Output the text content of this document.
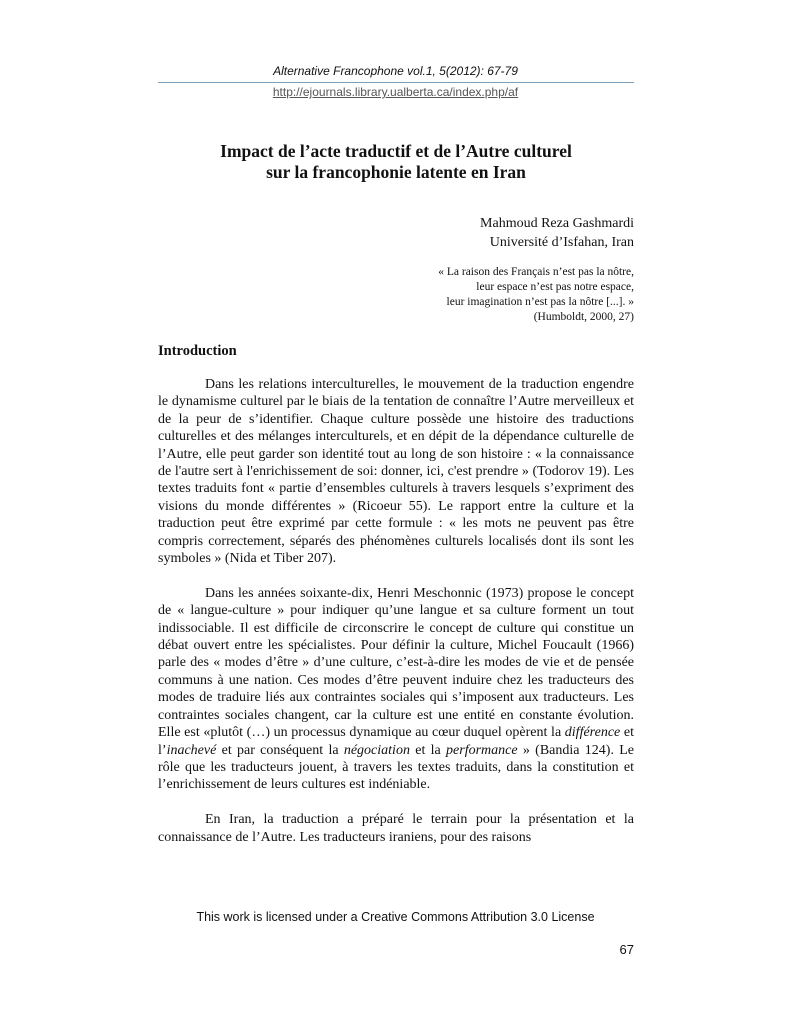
Alternative Francophone vol.1, 5(2012): 67-79
http://ejournals.library.ualberta.ca/index.php/af
Impact de l’acte traductif et de l’Autre culturel
sur la francophonie latente en Iran
Mahmoud Reza Gashmardi
Université d’Isfahan, Iran
« La raison des Français n’est pas la nôtre,
leur espace n’est pas notre espace,
leur imagination n’est pas la nôtre [...]. »
(Humboldt, 2000, 27)
Introduction

Dans les relations interculturelles, le mouvement de la traduction engendre le dynamisme culturel par le biais de la tentation de connaître l’Autre merveilleux et de la peur de s’identifier. Chaque culture possède une histoire des traductions culturelles et des mélanges interculturels, et en dépit de la dépendance culturelle de l’Autre, elle peut garder son identité tout au long de son histoire : « la connaissance de l'autre sert à l'enrichissement de soi: donner, ici, c'est prendre » (Todorov 19). Les textes traduits font « partie d’ensembles culturels à travers lesquels s’expriment des visions du monde différentes » (Ricoeur 55). Le rapport entre la culture et la traduction peut être exprimé par cette formule : « les mots ne peuvent pas être compris correctement, séparés des phénomènes culturels localisés dont ils sont les symboles » (Nida et Tiber 207).

Dans les années soixante-dix, Henri Meschonnic (1973) propose le concept de « langue-culture » pour indiquer qu’une langue et sa culture forment un tout indissociable. Il est difficile de circonscrire le concept de culture qui constitue un débat ouvert entre les spécialistes. Pour définir la culture, Michel Foucault (1966) parle des « modes d’être » d’une culture, c’est-à-dire les modes de vie et de pensée communs à une nation. Ces modes d’être peuvent induire chez les traducteurs des modes de traduire liés aux contraintes sociales qui s’imposent aux traducteurs. Les contraintes sociales changent, car la culture est une entité en constante évolution. Elle est «plutôt (…) un processus dynamique au cœur duquel opèrent la différence et l’inachevé et par conséquent la négociation et la performance » (Bandia 124). Le rôle que les traducteurs jouent, à travers les textes traduits, dans la constitution et l’enrichissement de leurs cultures est indéniable.

En Iran, la traduction a préparé le terrain pour la présentation et la connaissance de l’Autre. Les traducteurs iraniens, pour des raisons

This work is licensed under a Creative Commons Attribution 3.0 License
67
